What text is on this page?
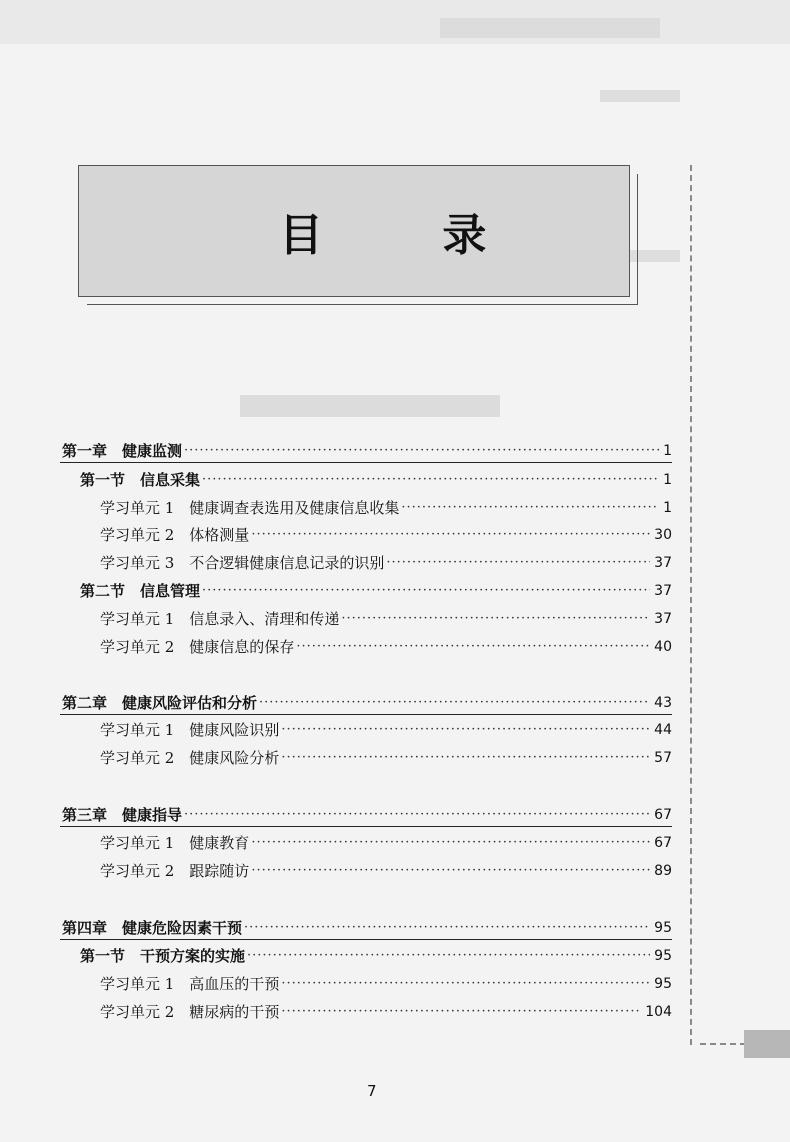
目 录
第一章　健康监测 ·····	1
第一节　信息采集 ·····	1
学习单元 1　健康调查表选用及健康信息收集 ·····	1
学习单元 2　体格测量 ·····	30
学习单元 3　不合逻辑健康信息记录的识别 ·····	37
第二节　信息管理 ·····	37
学习单元 1　信息录入、清理和传递 ·····	37
学习单元 2　健康信息的保存 ·····	40
第二章　健康风险评估和分析 ·····	43
学习单元 1　健康风险识别 ·····	44
学习单元 2　健康风险分析 ·····	57
第三章　健康指导 ·····	67
学习单元 1　健康教育 ·····	67
学习单元 2　跟踪随访 ·····	89
第四章　健康危险因素干预 ·····	95
第一节　干预方案的实施 ·····	95
学习单元 1　高血压的干预 ·····	95
学习单元 2　糖尿病的干预 ·····	104
7
